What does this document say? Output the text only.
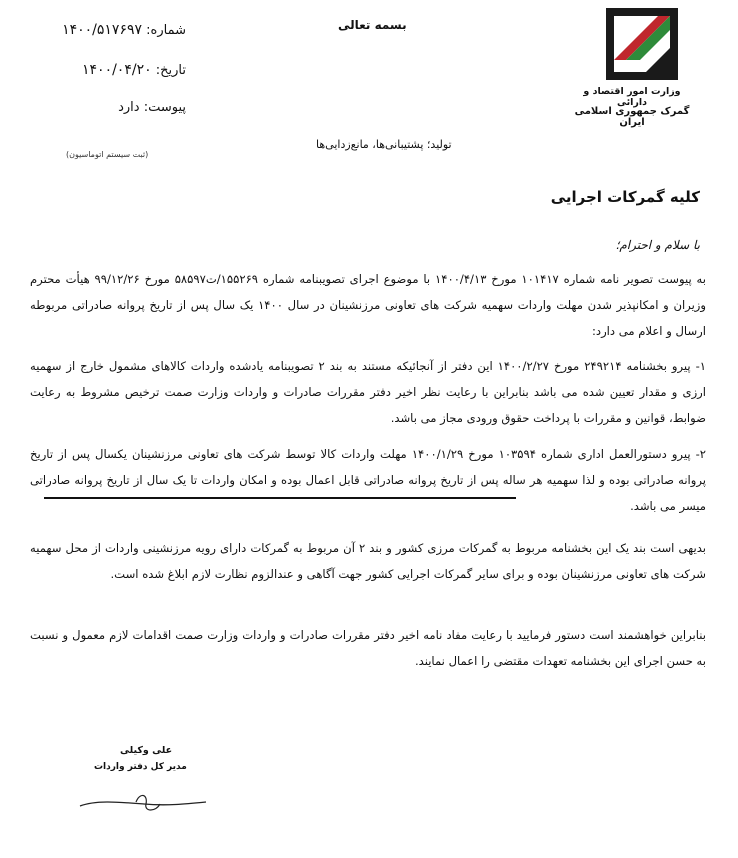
شماره: ۱۴۰۰/۵۱۷۶۹۷
تاریخ: ۱۴۰۰/۰۴/۲۰
پیوست: دارد
(ثبت سیستم اتوماسیون)
بسمه تعالی
وزارت امور اقتصاد و دارائی
گمرک جمهوری اسلامی ایران
تولید؛ پشتیبانی‌ها، مانع‌زدایی‌ها
کلیه گمرکات اجرایی
با سلام و احترام؛

به پیوست تصویر نامه شماره ۱۰۱۴۱۷ مورخ ۱۴۰۰/۴/۱۳ با موضوع اجرای تصویبنامه شماره ۱۵۵۲۶۹/ت۵۸۵۹۷ مورخ ۹۹/۱۲/۲۶ هیأت محترم وزیران و امکانپذیر شدن مهلت واردات سهمیه شرکت های تعاونی مرزنشینان در سال ۱۴۰۰ یک سال پس از تاریخ پروانه صادراتی مربوطه ارسال و اعلام می دارد:

۱- پیرو بخشنامه ۲۴۹۲۱۴ مورخ ۱۴۰۰/۲/۲۷ این دفتر از آنجائیکه مستند به بند ۲ تصویبنامه یادشده واردات کالاهای مشمول خارج از سهمیه ارزی و مقدار تعیین شده می باشد بنابراین با رعایت نظر اخیر دفتر مقررات صادرات و واردات وزارت صمت ترخیص مشروط به رعایت ضوابط، قوانین و مقررات با پرداخت حقوق ورودی مجاز می باشد.

۲- پیرو دستورالعمل اداری شماره ۱۰۳۵۹۴ مورخ ۱۴۰۰/۱/۲۹ مهلت واردات کالا توسط شرکت های تعاونی مرزنشینان یکسال پس از تاریخ پروانه صادراتی بوده و لذا سهمیه هر ساله پس از تاریخ پروانه صادراتی قابل اعمال بوده و امکان واردات تا یک سال از تاریخ پروانه صادراتی میسر می باشد.

بدیهی است بند یک این بخشنامه مربوط به گمرکات مرزی کشور و بند ۲ آن مربوط به گمرکات دارای رویه مرزنشینی واردات از محل سهمیه شرکت های تعاونی مرزنشینان بوده و برای سایر گمرکات اجرایی کشور جهت آگاهی و عندالزوم نظارت لازم ابلاغ شده است.

بنابراین خواهشمند است دستور فرمایید با رعایت مفاد نامه اخیر دفتر مقررات صادرات و واردات وزارت صمت اقدامات لازم معمول و نسبت به حسن اجرای این بخشنامه تعهدات مقتضی را اعمال نمایند.

علی وکیلی
مدیر کل دفتر واردات
